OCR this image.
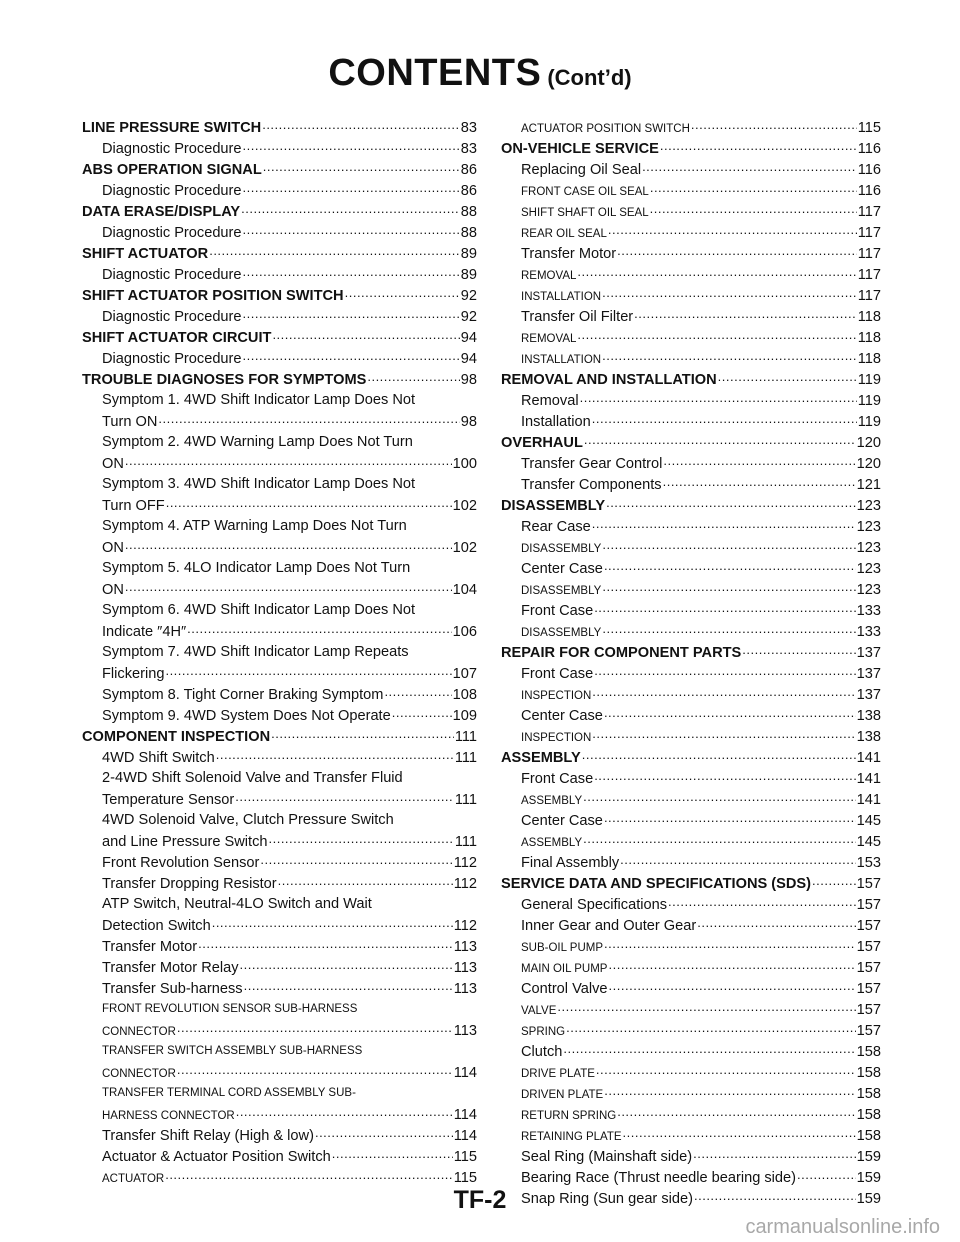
CONTENTS (Cont’d)
LINE PRESSURE SWITCH .....	83
Diagnostic Procedure .....	83
ABS OPERATION SIGNAL .....	86
Diagnostic Procedure .....	86
DATA ERASE/DISPLAY .....	88
Diagnostic Procedure .....	88
SHIFT ACTUATOR .....	89
Diagnostic Procedure .....	89
SHIFT ACTUATOR POSITION SWITCH .....	92
Diagnostic Procedure .....	92
SHIFT ACTUATOR CIRCUIT .....	94
Diagnostic Procedure .....	94
TROUBLE DIAGNOSES FOR SYMPTOMS .....	98
Symptom 1. 4WD Shift Indicator Lamp Does Not
Turn ON .....	98
Symptom 2. 4WD Warning Lamp Does Not Turn
ON .....	100
Symptom 3. 4WD Shift Indicator Lamp Does Not
Turn OFF .....	102
Symptom 4. ATP Warning Lamp Does Not Turn
ON .....	102
Symptom 5. 4LO Indicator Lamp Does Not Turn
ON .....	104
Symptom 6. 4WD Shift Indicator Lamp Does Not
Indicate ″4H″ .....	106
Symptom 7. 4WD Shift Indicator Lamp Repeats
Flickering .....	107
Symptom 8. Tight Corner Braking Symptom .....	108
Symptom 9. 4WD System Does Not Operate .....	109
COMPONENT INSPECTION .....	111
4WD Shift Switch .....	111
2-4WD Shift Solenoid Valve and Transfer Fluid
Temperature Sensor .....	111
4WD Solenoid Valve, Clutch Pressure Switch
and Line Pressure Switch .....	111
Front Revolution Sensor .....	112
Transfer Dropping Resistor .....	112
ATP Switch, Neutral-4LO Switch and Wait
Detection Switch .....	112
Transfer Motor .....	113
Transfer Motor Relay .....	113
Transfer Sub-harness .....	113
FRONT REVOLUTION SENSOR SUB-HARNESS
CONNECTOR .....	113
TRANSFER SWITCH ASSEMBLY SUB-HARNESS
CONNECTOR .....	114
TRANSFER TERMINAL CORD ASSEMBLY SUB-
HARNESS CONNECTOR .....	114
Transfer Shift Relay (High & low) .....	114
Actuator & Actuator Position Switch .....	115
ACTUATOR .....	115
ACTUATOR POSITION SWITCH .....	115
ON-VEHICLE SERVICE .....	116
Replacing Oil Seal .....	116
FRONT CASE OIL SEAL .....	116
SHIFT SHAFT OIL SEAL .....	117
REAR OIL SEAL .....	117
Transfer Motor .....	117
REMOVAL .....	117
INSTALLATION .....	117
Transfer Oil Filter .....	118
REMOVAL .....	118
INSTALLATION .....	118
REMOVAL AND INSTALLATION .....	119
Removal .....	119
Installation .....	119
OVERHAUL .....	120
Transfer Gear Control .....	120
Transfer Components .....	121
DISASSEMBLY .....	123
Rear Case .....	123
DISASSEMBLY .....	123
Center Case .....	123
DISASSEMBLY .....	123
Front Case .....	133
DISASSEMBLY .....	133
REPAIR FOR COMPONENT PARTS .....	137
Front Case .....	137
INSPECTION .....	137
Center Case .....	138
INSPECTION .....	138
ASSEMBLY .....	141
Front Case .....	141
ASSEMBLY .....	141
Center Case .....	145
ASSEMBLY .....	145
Final Assembly .....	153
SERVICE DATA AND SPECIFICATIONS (SDS) .....	157
General Specifications .....	157
Inner Gear and Outer Gear .....	157
SUB-OIL PUMP .....	157
MAIN OIL PUMP .....	157
Control Valve .....	157
VALVE .....	157
SPRING .....	157
Clutch .....	158
DRIVE PLATE .....	158
DRIVEN PLATE .....	158
RETURN SPRING .....	158
RETAINING PLATE .....	158
Seal Ring (Mainshaft side) .....	159
Bearing Race (Thrust needle bearing side) .....	159
Snap Ring (Sun gear side) .....	159
TF-2
carmanualsonline.info
